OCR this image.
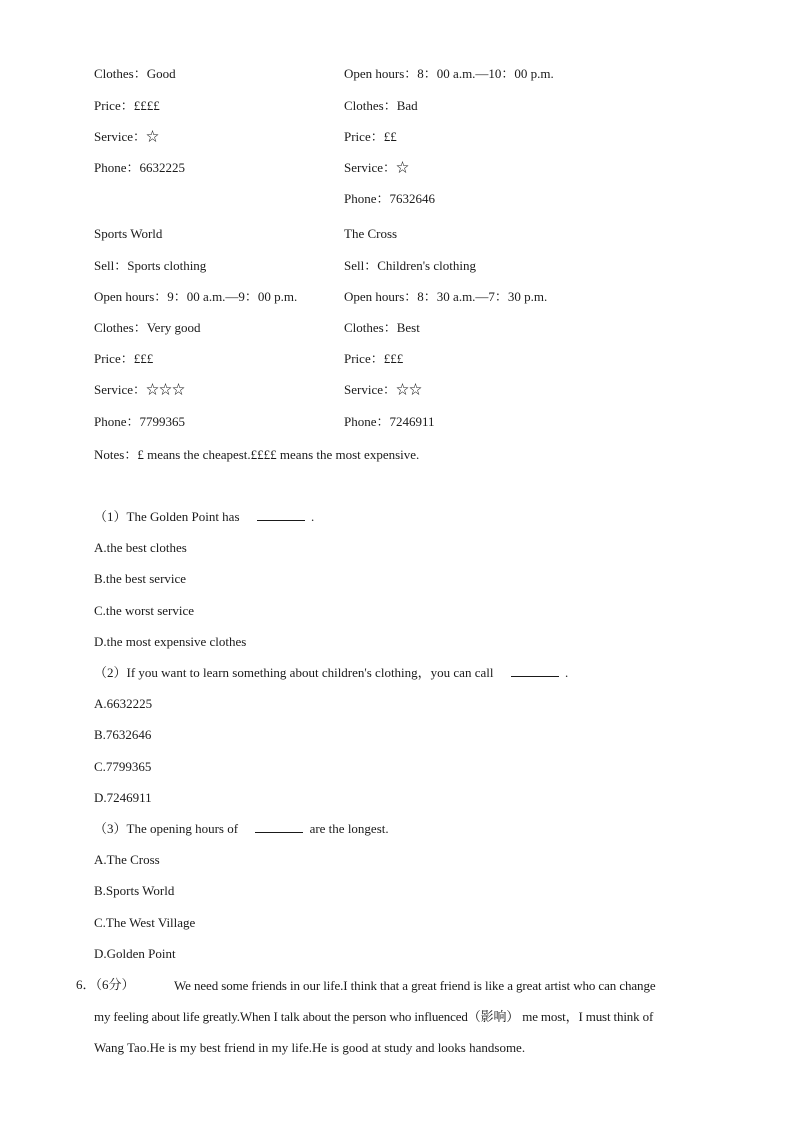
Clothes：Good
Price：££££
Service：☆
Phone：6632225
Open hours：8：00 a.m.—10：00 p.m.
Clothes：Bad
Price：££
Service：☆
Phone：7632646
Sports World
Sell：Sports clothing
Open hours：9：00 a.m.—9：00 p.m.
Clothes：Very good
Price：£££
Service：☆☆☆
Phone：7799365
The Cross
Sell：Children's clothing
Open hours：8：30 a.m.—7：30 p.m.
Clothes：Best
Price：£££
Service：☆☆
Phone：7246911
Notes：£ means the cheapest.££££ means the most expensive.
（1）The Golden Point has	.
A.the best clothes
B.the best service
C.the worst service
D.the most expensive clothes
（2）If you want to learn something about children's clothing，you can call	.
A.6632225
B.7632646
C.7799365
D.7246911
（3）The opening hours of	are the longest.
A.The Cross
B.Sports World
C.The West Village
D.Golden Point
6．（6分）	We need some friends in our life.I think that a great friend is like a great artist who can change
my feeling about life greatly.When I talk about the person who influenced（影响） me most，I must think of
Wang Tao.He is my best friend in my life.He is good at study and looks handsome.
